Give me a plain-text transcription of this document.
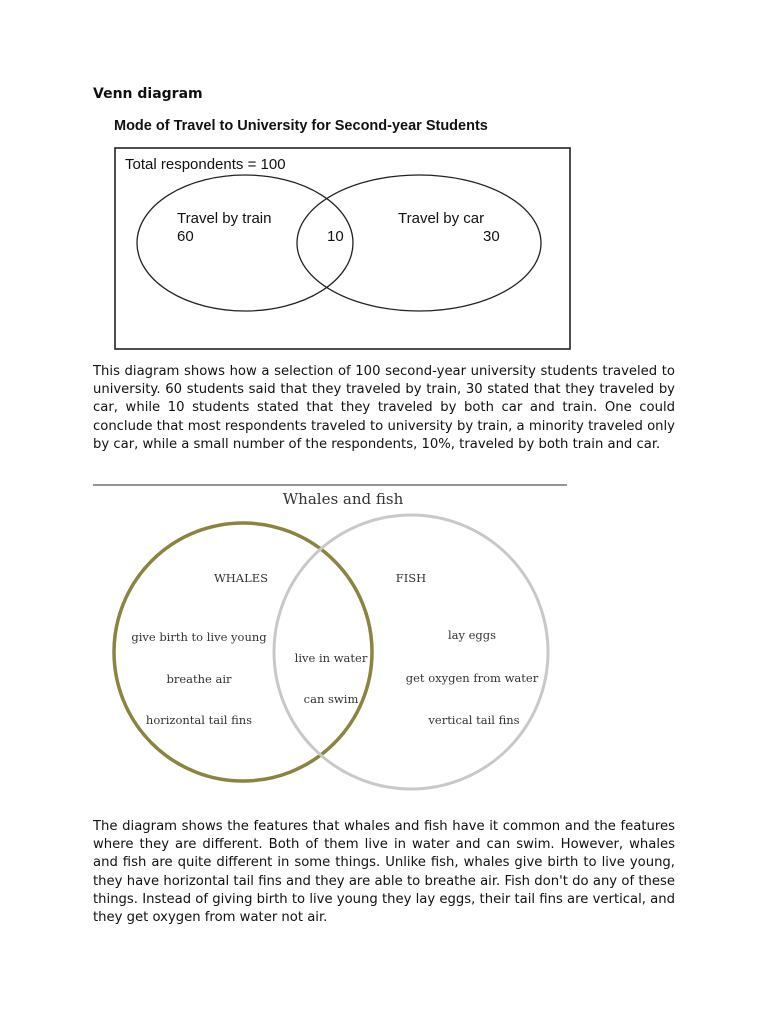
Venn diagram
Mode of Travel to University for Second-year Students
Total respondents = 100
Travel by train
60	10
Travel by car
30
This diagram shows how a selection of 100 second-year university students traveled to university. 60 students said that they traveled by train, 30 stated that they traveled by car, while 10 students stated that they traveled by both car and train. One could conclude that most respondents traveled to university by train, a minority traveled only by car, while a small number of the respondents, 10%, traveled by both train and car.
Whales and fish
WHALES	FISH
give birth to live young
breathe air
horizontal tail fins
live in water
can swim
lay eggs
get oxygen from water
vertical tail fins
The diagram shows the features that whales and fish have it common and the features where they are different. Both of them live in water and can swim. However, whales and fish are quite different in some things. Unlike fish, whales give birth to live young, they have horizontal tail fins and they are able to breathe air. Fish don't do any of these things. Instead of giving birth to live young they lay eggs, their tail fins are vertical, and they get oxygen from water not air.
